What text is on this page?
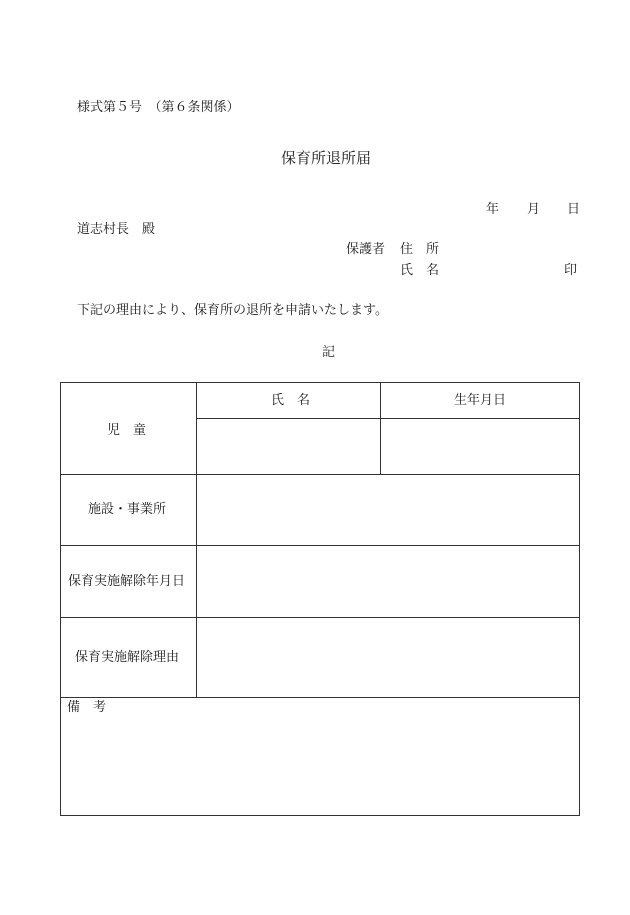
様式第５号　（第６条関係）
保育所退所届
年 月 日
道志村長　殿
保護者 住　所
氏　名	印
下記の理由により、保育所の退所を申請いたします。
記
児　童
氏　名	生年月日
施設・事業所
保育実施解除年月日
保育実施解除理由
備　考
